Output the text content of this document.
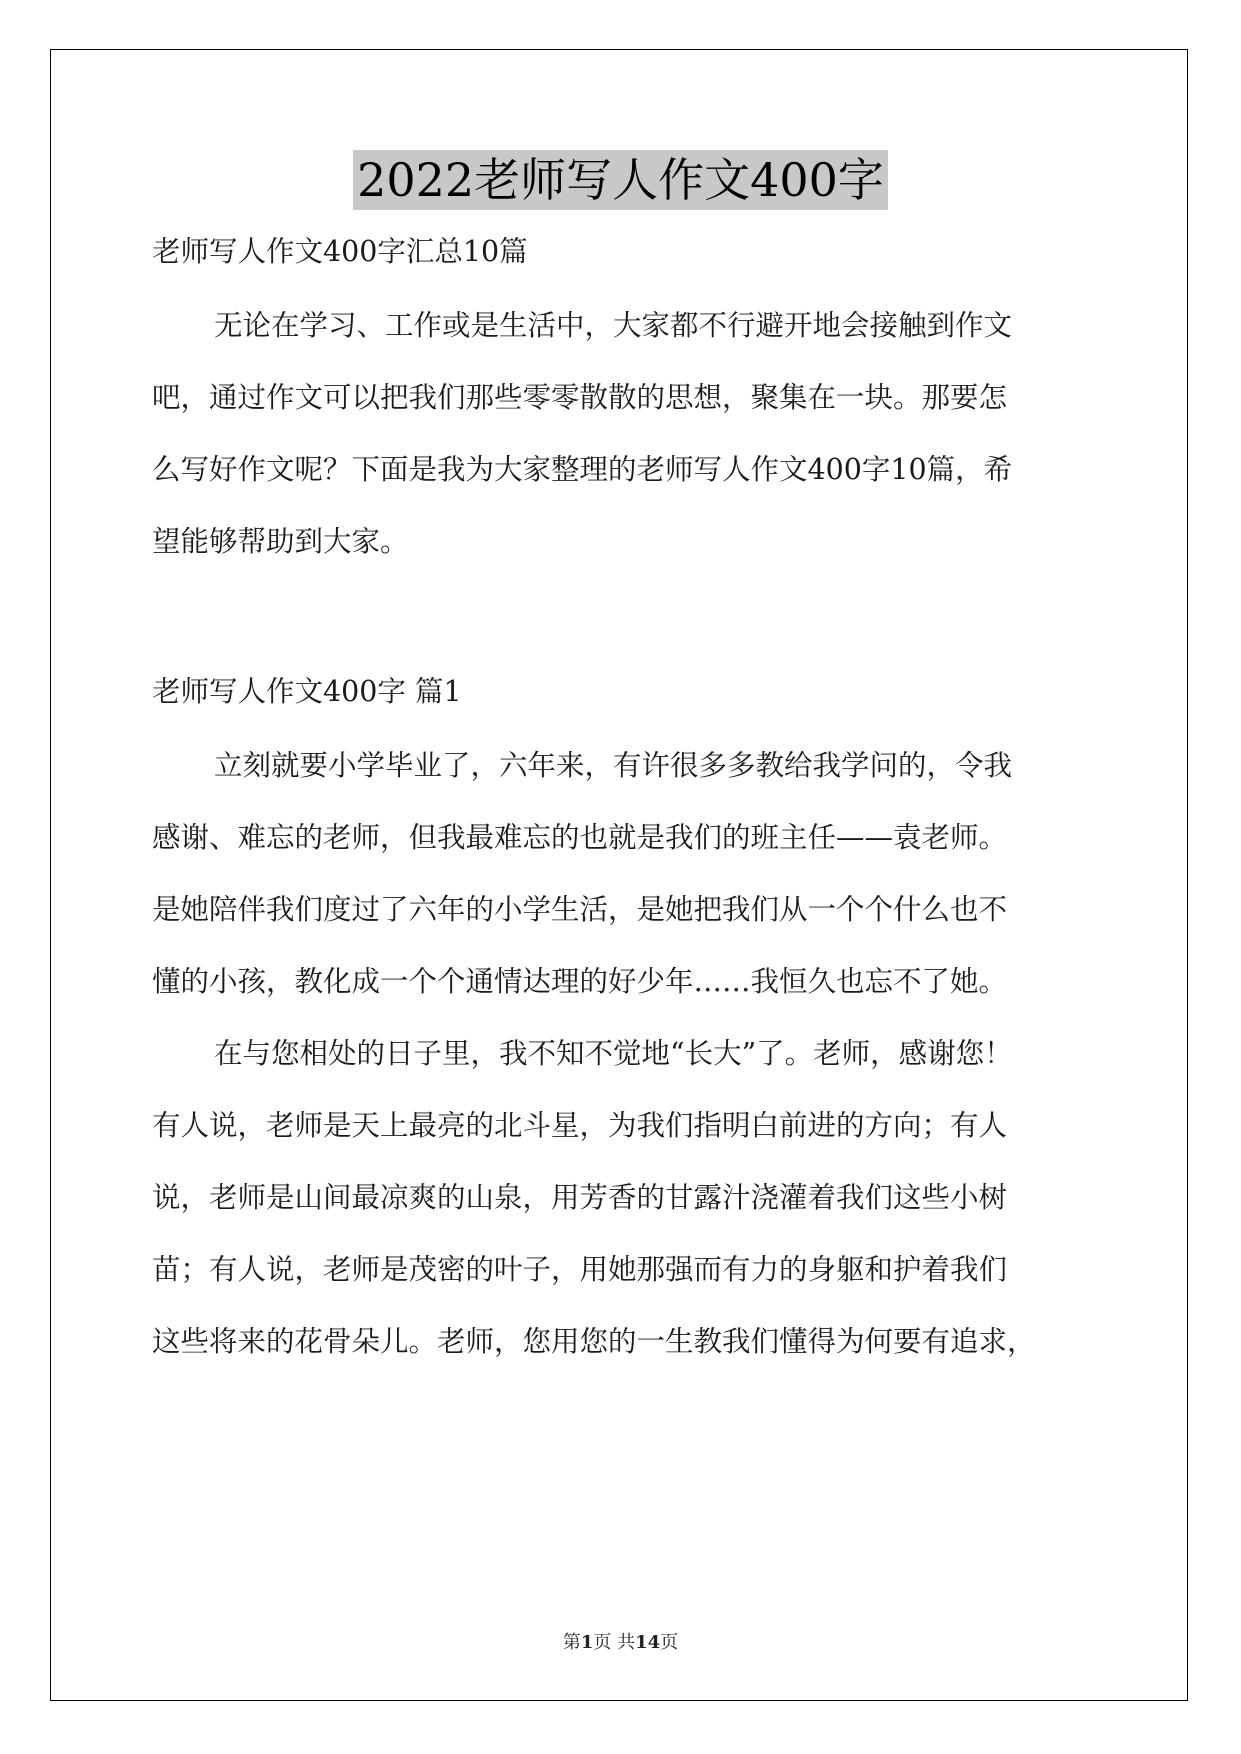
2022老师写人作文400字
老师写人作文400字汇总10篇
无论在学习、工作或是生活中，大家都不行避开地会接触到作文
吧，通过作文可以把我们那些零零散散的思想，聚集在一块。那要怎
么写好作文呢？下面是我为大家整理的老师写人作文400字10篇，希
望能够帮助到大家。
老师写人作文400字 篇1
立刻就要小学毕业了，六年来，有许很多多教给我学问的，令我
感谢、难忘的老师，但我最难忘的也就是我们的班主任——袁老师。
是她陪伴我们度过了六年的小学生活，是她把我们从一个个什么也不
懂的小孩，教化成一个个通情达理的好少年……我恒久也忘不了她。
在与您相处的日子里，我不知不觉地“长大”了。老师，感谢您！
有人说，老师是天上最亮的北斗星，为我们指明白前进的方向；有人
说，老师是山间最凉爽的山泉，用芳香的甘露汁浇灌着我们这些小树
苗；有人说，老师是茂密的叶子，用她那强而有力的身躯和护着我们
这些将来的花骨朵儿。老师，您用您的一生教我们懂得为何要有追求，
第1页 共14页
